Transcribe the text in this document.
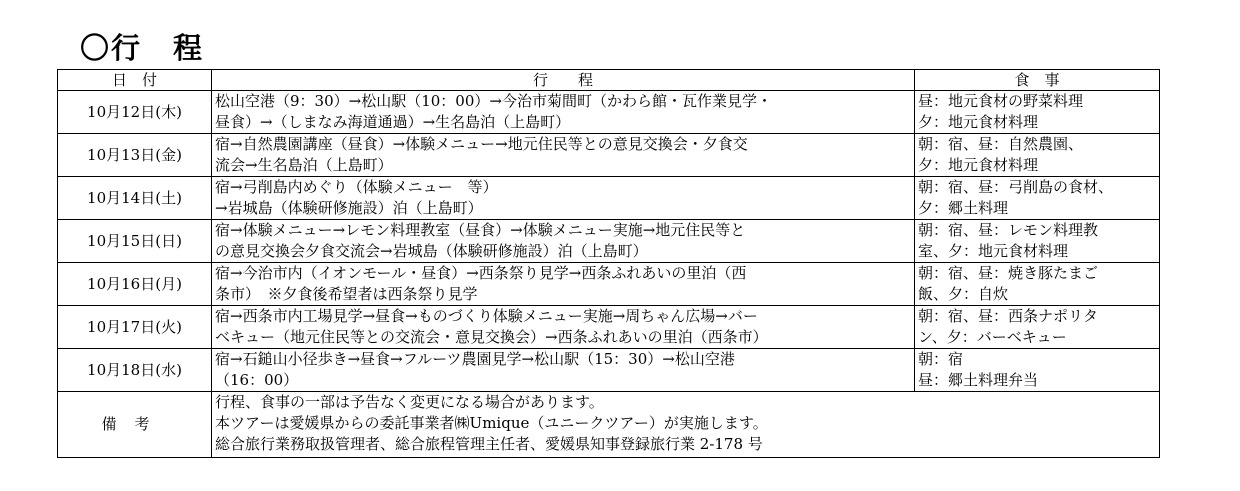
〇行　程
日　付	行　　程	食　事
10月12日(木)	松山空港（9：30）→松山駅（10：00）→今治市菊間町（かわら館・瓦作業見学・
昼食）→（しまなみ海道通過）→生名島泊（上島町）	昼：地元食材の野菜料理
夕：地元食材料理
10月13日(金)	宿→自然農園講座（昼食）→体験メニュー→地元住民等との意見交換会・夕食交
流会→生名島泊（上島町）	朝：宿、昼：自然農園、
夕：地元食材料理
10月14日(土)	宿→弓削島内めぐり（体験メニュー　等）
→岩城島（体験研修施設）泊（上島町）	朝：宿、昼：弓削島の食材、
夕：郷土料理
10月15日(日)	宿→体験メニュー→レモン料理教室（昼食）→体験メニュー実施→地元住民等と
の意見交換会夕食交流会→岩城島（体験研修施設）泊（上島町）	朝：宿、昼：レモン料理教
室、夕：地元食材料理
10月16日(月)	宿→今治市内（イオンモール・昼食）→西条祭り見学→西条ふれあいの里泊（西
条市）　※夕食後希望者は西条祭り見学	朝：宿、昼：焼き豚たまご
飯、夕：自炊
10月17日(火)	宿→西条市内工場見学→昼食→ものづくり体験メニュー実施→周ちゃん広場→バー
ベキュー（地元住民等との交流会・意見交換会）→西条ふれあいの里泊（西条市）	朝：宿、昼：西条ナポリタ
ン、夕：バーベキュー
10月18日(水)	宿→石鎚山小径歩き→昼食→フルーツ農園見学→松山駅（15：30）→松山空港
（16：00）	朝：宿
昼：郷土料理弁当
備考	行程、食事の一部は予告なく変更になる場合があります。
本ツアーは愛媛県からの委託事業者㈱Umique（ユニークツアー）が実施します。
総合旅行業務取扱管理者、総合旅程管理主任者、愛媛県知事登録旅行業 2-178 号	
